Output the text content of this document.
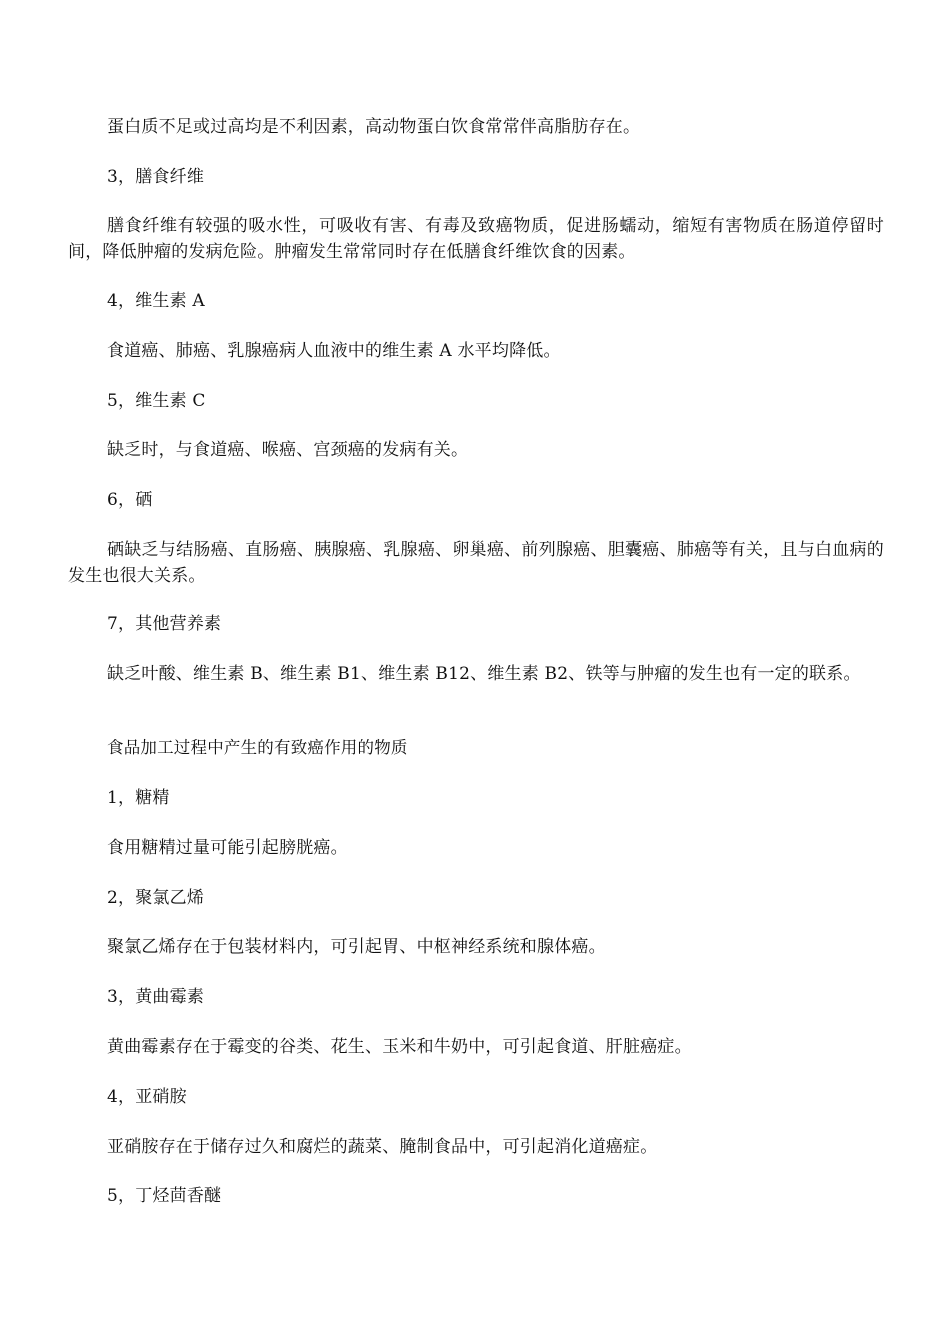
蛋白质不足或过高均是不利因素，高动物蛋白饮食常常伴高脂肪存在。

3，膳食纤维

膳食纤维有较强的吸水性，可吸收有害、有毒及致癌物质，促进肠蠕动，缩短有害物质在肠道停留时间，降低肿瘤的发病危险。肿瘤发生常常同时存在低膳食纤维饮食的因素。

4，维生素 A

食道癌、肺癌、乳腺癌病人血液中的维生素 A 水平均降低。

5，维生素 C

缺乏时，与食道癌、喉癌、宫颈癌的发病有关。

6，硒

硒缺乏与结肠癌、直肠癌、胰腺癌、乳腺癌、卵巢癌、前列腺癌、胆囊癌、肺癌等有关，且与白血病的发生也很大关系。

7，其他营养素

缺乏叶酸、维生素 B、维生素 B1、维生素 B12、维生素 B2、铁等与肿瘤的发生也有一定的联系。

食品加工过程中产生的有致癌作用的物质

1，糖精

食用糖精过量可能引起膀胱癌。

2，聚氯乙烯

聚氯乙烯存在于包装材料内，可引起胃、中枢神经系统和腺体癌。

3，黄曲霉素

黄曲霉素存在于霉变的谷类、花生、玉米和牛奶中，可引起食道、肝脏癌症。

4，亚硝胺

亚硝胺存在于储存过久和腐烂的蔬菜、腌制食品中，可引起消化道癌症。

5，丁烃茴香醚
